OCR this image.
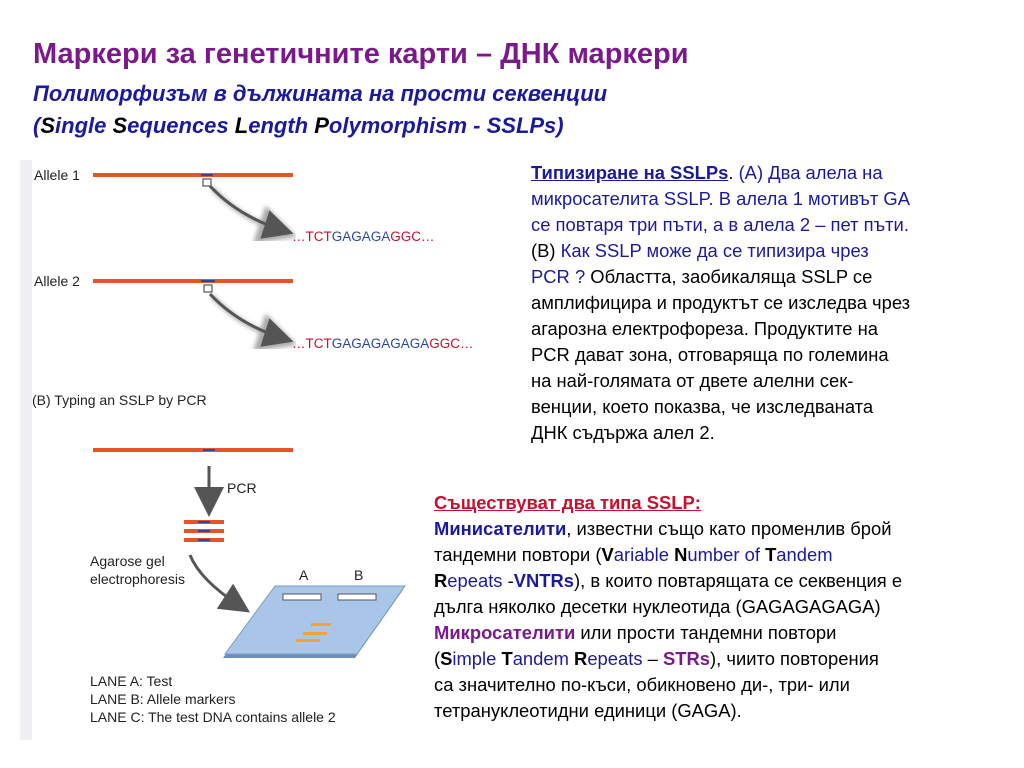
Маркери за генетичните карти – ДНК маркери
Полиморфизъм в дължината на прости секвенции
(Single Sequences Length Polymorphism - SSLPs)
Allele 1
…TCTGAGAGAGGC…
Allele 2
…TCTGAGAGAGAGAGGC…
(B) Typing an SSLP by PCR
PCR
Agarose gel
electrophoresis	A	B
LANE A: Test
LANE B: Allele markers
LANE C: The test DNA contains allele 2
Типизиране на SSLPs. (А) Два алела на
микросателита SSLP. В алела 1 мотивът GA
се повтаря три пъти, а в алела 2 – пет пъти.
(В) Как SSLP може да се типизира чрез
PCR ? Областта, заобикаляща SSLP се
амплифицира и продуктът се изследва чрез
агарозна електрофореза. Продуктите на
PCR дават зона, отговаряща по големина
на най-голямата от двете алелни сек-
венции, което показва, че изследваната
ДНК съдържа алел 2.
Съществуват два типа SSLP:
Минисателити, известни също като променлив брой
тандемни повтори (Variable Number of Tandem
Repeats -VNTRs), в които повтарящата се секвенция е
дълга няколко десетки нуклеотида (GAGAGAGAGA)
Микросателити или прости тандемни повтори
(Simple Tandem Repeats – STRs), чиито повторения
са значително по-къси, обикновено ди-, три- или
тетрануклеотидни единици (GAGA).
